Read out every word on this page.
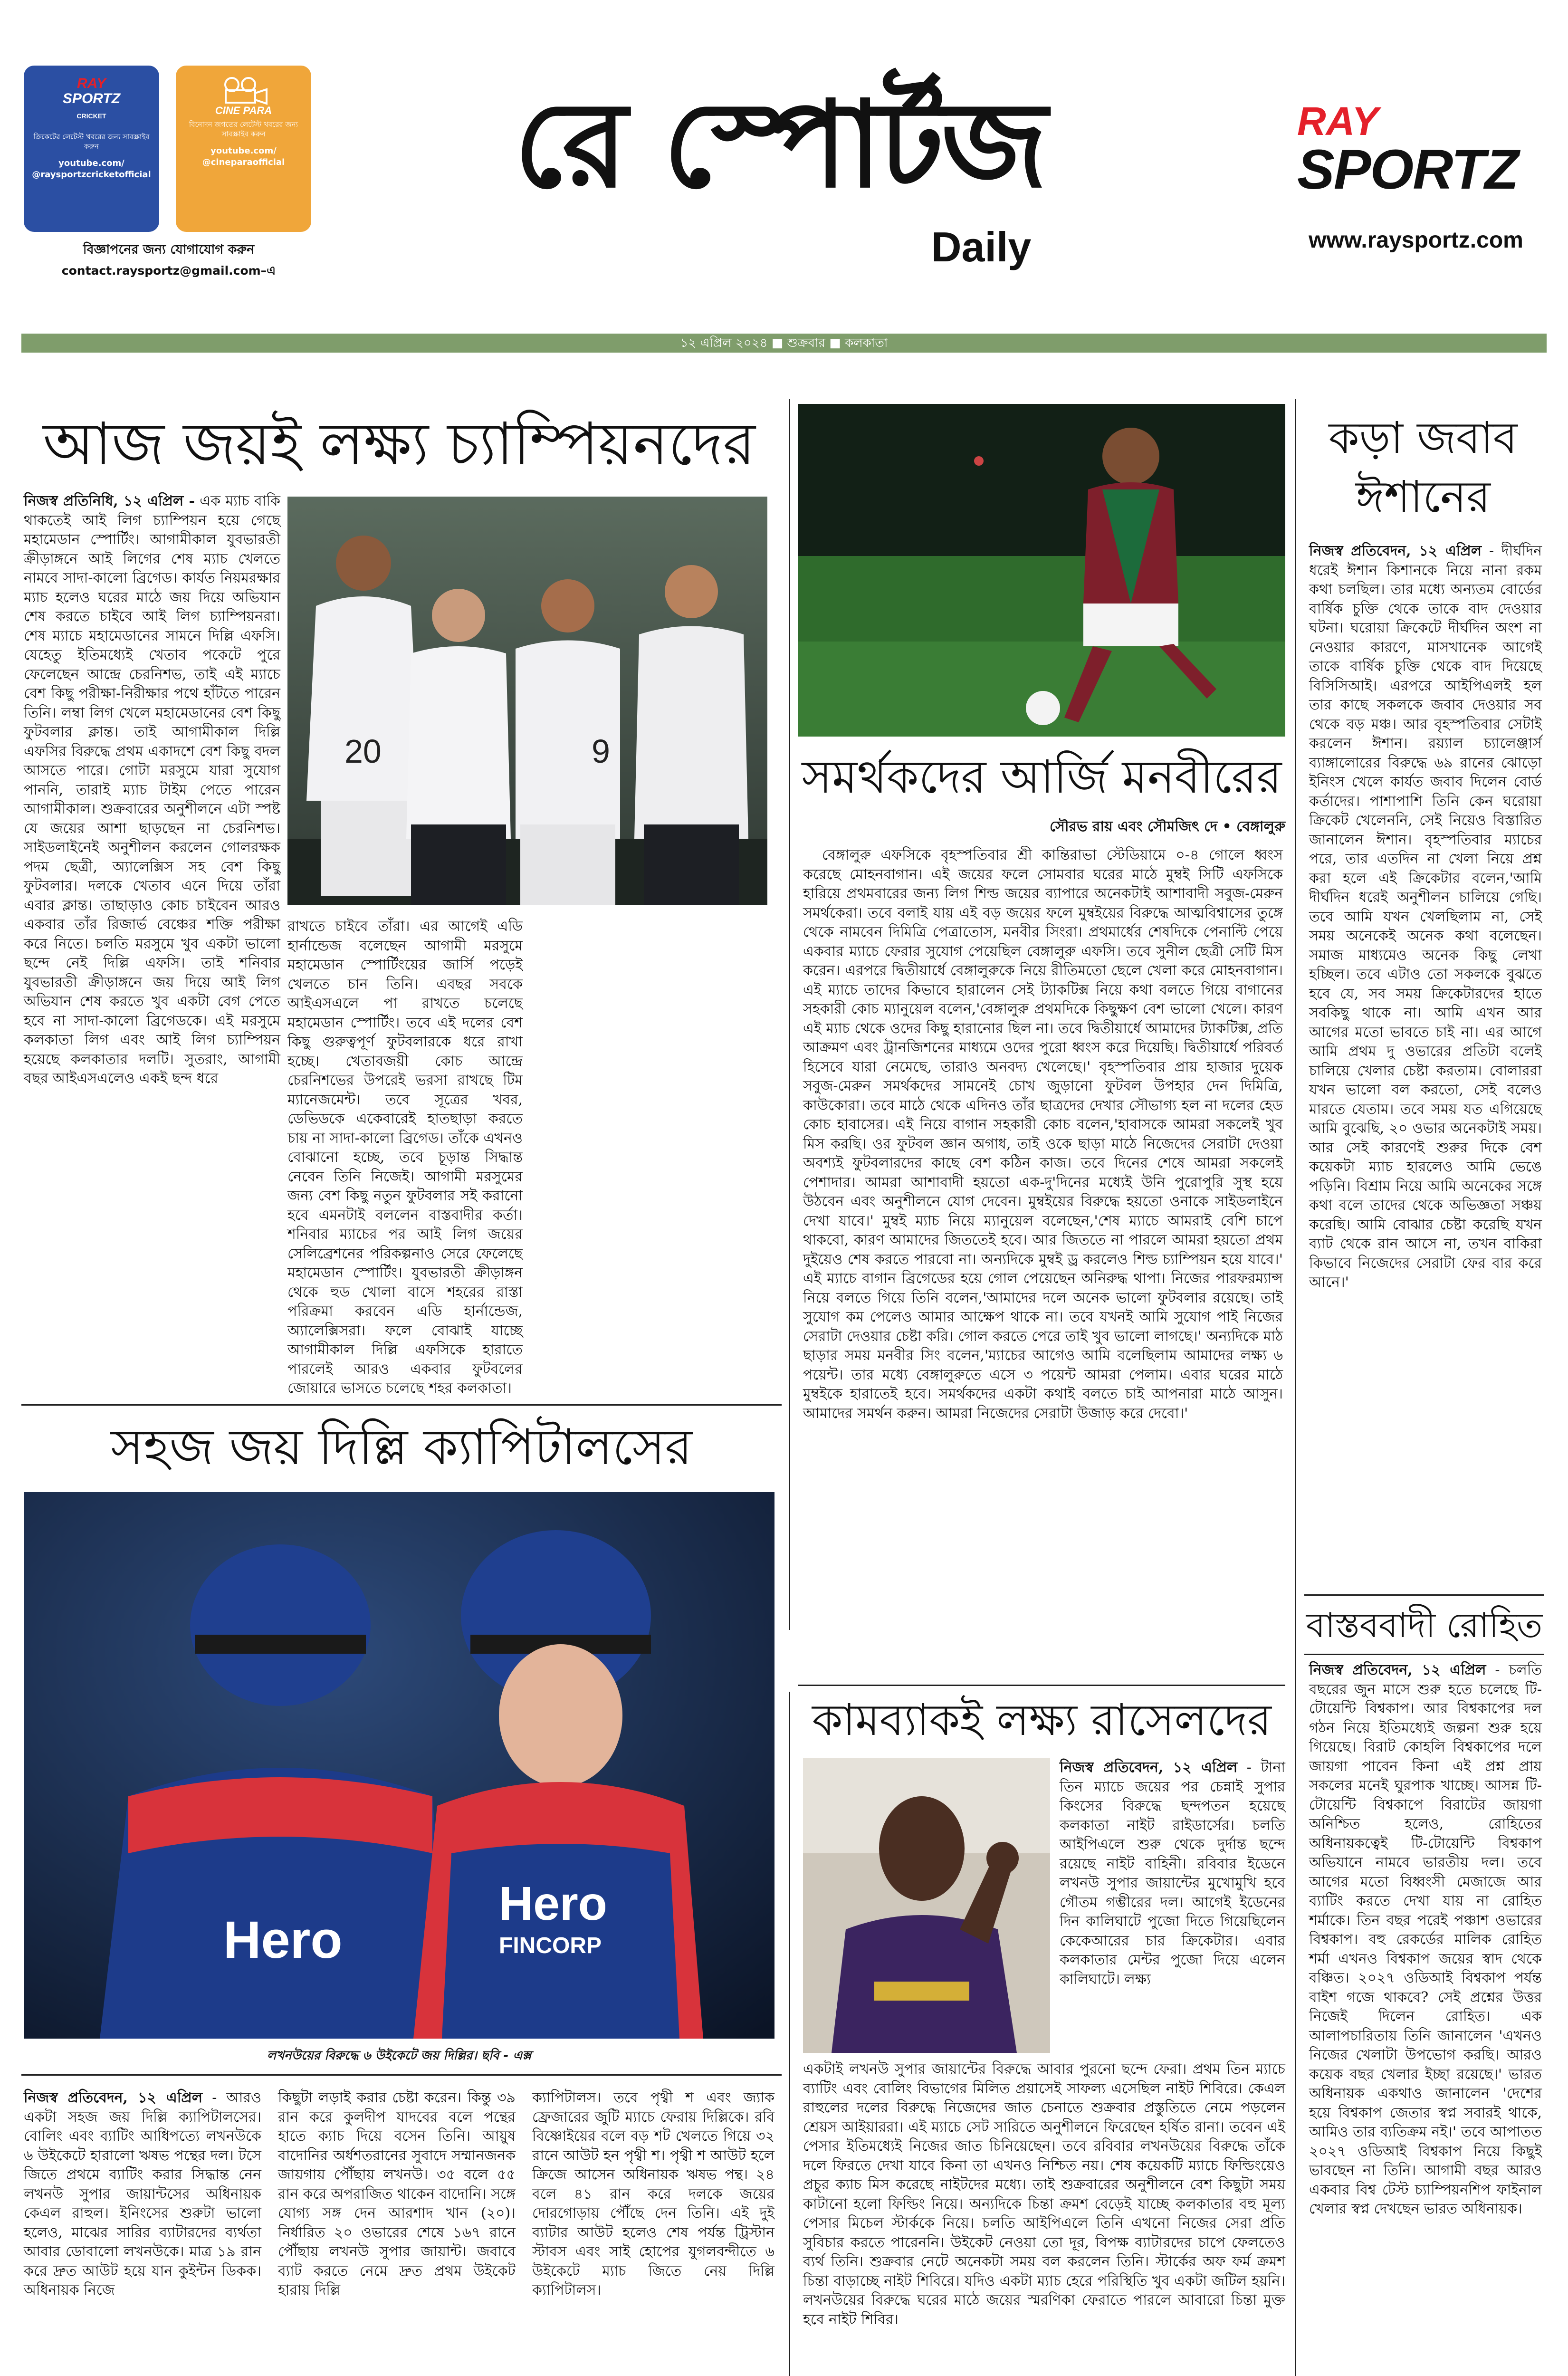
RAY
SPORTZ
CRICKET
ক্রিকেটের লেটেস্ট খবরের জন্য সাবস্ক্রাইব করুন
youtube.com/ @raysportzcricketofficial
CINE PARA
বিনোদন জগতের লেটেস্ট খবরের জন্য সাবস্ক্রাইব করুন
youtube.com/ @cineparaofficial
বিজ্ঞাপনের জন্য যোগাযোগ করুন
contact.raysportz@gmail.com–এ
রে স্পোর্টজ
Daily
RAY
SPORTZ
www.raysportz.com
১২ এপ্রিল ২০২৪ ■ শুক্রবার ■ কলকাতা
আজ জয়ই লক্ষ্য চ্যাম্পিয়নদের

নিজস্ব প্রতিনিধি, ১২ এপ্রিল - এক ম্যাচ বাকি থাকতেই আই লিগ চ্যাম্পিয়ন হয়ে গেছে মহামেডান স্পোর্টিং। আগামীকাল যুবভারতী ক্রীড়াঙ্গনে আই লিগের শেষ ম্যাচ খেলতে নামবে সাদা-কালো ব্রিগেড। কার্যত নিয়মরক্ষার ম্যাচ হলেও ঘরের মাঠে জয় দিয়ে অভিযান শেষ করতে চাইবে আই লিগ চ্যাম্পিয়নরা। শেষ ম্যাচে মহামেডানের সামনে দিল্লি এফসি। যেহেতু ইতিমধ্যেই খেতাব পকেটে পুরে ফেলেছেন আন্দ্রে চেরনিশভ, তাই এই ম্যাচে বেশ কিছু পরীক্ষা-নিরীক্ষার পথে হাঁটতে পারেন তিনি। লম্বা লিগ খেলে মহামেডানের বেশ কিছু ফুটবলার ক্লান্ত। তাই আগামীকাল দিল্লি এফসির বিরুদ্ধে প্রথম একাদশে বেশ কিছু বদল আসতে পারে। গোটা মরসুমে যারা সুযোগ পাননি, তারাই ম্যাচ টাইম পেতে পারেন আগামীকাল। শুক্রবারের অনুশীলনে এটা স্পষ্ট যে জয়ের আশা ছাড়ছেন না চেরনিশভ। সাইডলাইনেই অনুশীলন করলেন গোলরক্ষক পদম ছেত্রী, অ্যালেক্সিস সহ বেশ কিছু ফুটবলার। দলকে খেতাব এনে দিয়ে তাঁরা এবার ক্লান্ত। তাছাড়াও কোচ চাইবেন আরও একবার তাঁর রিজার্ভ বেঞ্চের শক্তি পরীক্ষা করে নিতে। চলতি মরসুমে খুব একটা ভালো ছন্দে নেই দিল্লি এফসি। তাই শনিবার যুবভারতী ক্রীড়াঙ্গনে জয় দিয়ে আই লিগ অভিযান শেষ করতে খুব একটা বেগ পেতে হবে না সাদা-কালো ব্রিগেডকে। এই মরসুমে কলকাতা লিগ এবং আই লিগ চ্যাম্পিয়ন হয়েছে কলকাতার দলটি। সুতরাং, আগামী বছর আইএসএলেও একই ছন্দ ধরে

20	9

রাখতে চাইবে তাঁরা। এর আগেই এডি হার্নান্ডেজ বলেছেন আগামী মরসুমে মহামেডান স্পোর্টিংয়ের জার্সি পড়েই খেলতে চান তিনি। এবছর সবকে আইএসএলে পা রাখতে চলেছে মহামেডান স্পোর্টিং। তবে এই দলের বেশ কিছু গুরুত্বপূর্ণ ফুটবলারকে ধরে রাখা হচ্ছে। খেতাবজয়ী কোচ আন্দ্রে চেরনিশভের উপরেই ভরসা রাখছে টিম ম্যানেজমেন্ট। তবে সূত্রের খবর, ডেভিডকে একেবারেই হাতছাড়া করতে চায় না সাদা-কালো ব্রিগেড। তাঁকে এখনও বোঝানো হচ্ছে, তবে চূড়ান্ত সিদ্ধান্ত নেবেন তিনি নিজেই। আগামী মরসুমের জন্য বেশ কিছু নতুন ফুটবলার সই করানো হবে এমনটাই বললেন বাস্তবাদীর কর্তা। শনিবার ম্যাচের পর আই লিগ জয়ের সেলিব্রেশনের পরিকল্পনাও সেরে ফেলেছে মহামেডান স্পোর্টিং। যুবভারতী ক্রীড়াঙ্গন থেকে হুড খোলা বাসে শহরের রাস্তা পরিক্রমা করবেন এডি হার্নান্ডেজ, অ্যালেক্সিসরা। ফলে বোঝাই যাচ্ছে আগামীকাল দিল্লি এফসিকে হারাতে পারলেই আরও একবার ফুটবলের জোয়ারে ভাসতে চলেছে শহর কলকাতা।

সমর্থকদের আর্জি মনবীরের
সৌরভ রায় এবং সৌমজিৎ দে • বেঙ্গালুরু

বেঙ্গালুরু এফসিকে বৃহস্পতিবার শ্রী কান্তিরাভা স্টেডিয়ামে ০-৪ গোলে ধ্বংস করেছে মোহনবাগান। এই জয়ের ফলে সোমবার ঘরের মাঠে মুম্বই সিটি এফসিকে হারিয়ে প্রথমবারের জন্য লিগ শিল্ড জয়ের ব্যাপারে অনেকটাই আশাবাদী সবুজ-মেরুন সমর্থকেরা। তবে বলাই যায় এই বড় জয়ের ফলে মুম্বইয়ের বিরুদ্ধে আত্মবিশ্বাসের তুঙ্গে থেকে নামবেন দিমিত্রি পেত্রাতোস, মনবীর সিংরা। প্রথমার্ধের শেষদিকে পেনাল্টি পেয়ে একবার ম্যাচে ফেরার সুযোগ পেয়েছিল বেঙ্গালুরু এফসি। তবে সুনীল ছেত্রী সেটি মিস করেন। এরপরে দ্বিতীয়ার্ধে বেঙ্গালুরুকে নিয়ে রীতিমতো ছেলে খেলা করে মোহনবাগান। এই ম্যাচে তাদের কিভাবে হারালেন সেই ট্যাকটিক্স নিয়ে কথা বলতে গিয়ে বাগানের সহকারী কোচ ম্যানুয়েল বলেন,'বেঙ্গালুরু প্রথমদিকে কিছুক্ষণ বেশ ভালো খেলে। কারণ এই ম্যাচ থেকে ওদের কিছু হারানোর ছিল না। তবে দ্বিতীয়ার্ধে আমাদের ট্যাকটিক্স, প্রতি আক্রমণ এবং ট্রানজিশনের মাধ্যমে ওদের পুরো ধ্বংস করে দিয়েছি। দ্বিতীয়ার্ধে পরিবর্ত হিসেবে যারা নেমেছে, তারাও অনবদ্য খেলেছে।' বৃহস্পতিবার প্রায় হাজার দুয়েক সবুজ-মেরুন সমর্থকদের সামনেই চোখ জুড়ানো ফুটবল উপহার দেন দিমিত্রি, কাউকোরা। তবে মাঠে থেকে এদিনও তাঁর ছাত্রদের দেখার সৌভাগ্য হল না দলের হেড কোচ হাবাসের। এই নিয়ে বাগান সহকারী কোচ বলেন,'হাবাসকে আমরা সকলেই খুব মিস করছি। ওর ফুটবল জ্ঞান অগাধ, তাই ওকে ছাড়া মাঠে নিজেদের সেরাটা দেওয়া অবশ্যই ফুটবলারদের কাছে বেশ কঠিন কাজ। তবে দিনের শেষে আমরা সকলেই পেশাদার। আমরা আশাবাদী হয়তো এক-দু'দিনের মধ্যেই উনি পুরোপুরি সুস্থ হয়ে উঠবেন এবং অনুশীলনে যোগ দেবেন। মুম্বইয়ের বিরুদ্ধে হয়তো ওনাকে সাইডলাইনে দেখা যাবে।' মুম্বই ম্যাচ নিয়ে ম্যানুয়েল বলেছেন,'শেষ ম্যাচে আমরাই বেশি চাপে থাকবো, কারণ আমাদের জিততেই হবে। আর জিততে না পারলে আমরা হয়তো প্রথম দুইয়েও শেষ করতে পারবো না। অন্যদিকে মুম্বই ড্র করলেও শিল্ড চ্যাম্পিয়ন হয়ে যাবে।' এই ম্যাচে বাগান ব্রিগেডের হয়ে গোল পেয়েছেন অনিরুদ্ধ থাপা। নিজের পারফরম্যান্স নিয়ে বলতে গিয়ে তিনি বলেন,'আমাদের দলে অনেক ভালো ফুটবলার রয়েছে। তাই সুযোগ কম পেলেও আমার আক্ষেপ থাকে না। তবে যখনই আমি সুযোগ পাই নিজের সেরাটা দেওয়ার চেষ্টা করি। গোল করতে পেরে তাই খুব ভালো লাগছে।' অন্যদিকে মাঠ ছাড়ার সময় মনবীর সিং বলেন,'ম্যাচের আগেও আমি বলেছিলাম আমাদের লক্ষ্য ৬ পয়েন্ট। তার মধ্যে বেঙ্গালুরুতে এসে ৩ পয়েন্ট আমরা পেলাম। এবার ঘরের মাঠে মুম্বইকে হারাতেই হবে। সমর্থকদের একটা কথাই বলতে চাই আপনারা মাঠে আসুন। আমাদের সমর্থন করুন। আমরা নিজেদের সেরাটা উজাড় করে দেবো।'

কড়া জবাব
ঈশানের

নিজস্ব প্রতিবেদন, ১২ এপ্রিল - দীর্ঘদিন ধরেই ঈশান কিশানকে নিয়ে নানা রকম কথা চলছিল। তার মধ্যে অন্যতম বোর্ডের বার্ষিক চুক্তি থেকে তাকে বাদ দেওয়ার ঘটনা। ঘরোয়া ক্রিকেটে দীর্ঘদিন অংশ না নেওয়ার কারণে, মাসখানেক আগেই তাকে বার্ষিক চুক্তি থেকে বাদ দিয়েছে বিসিসিআই। এরপরে আইপিএলই হল তার কাছে সকলকে জবাব দেওয়ার সব থেকে বড় মঞ্চ। আর বৃহস্পতিবার সেটাই করলেন ঈশান। রয়্যাল চ্যালেঞ্জার্স ব্যাঙ্গালোরের বিরুদ্ধে ৬৯ রানের ঝোড়ো ইনিংস খেলে কার্যত জবাব দিলেন বোর্ড কর্তাদের। পাশাপাশি তিনি কেন ঘরোয়া ক্রিকেট খেলেননি, সেই নিয়েও বিস্তারিত জানালেন ঈশান। বৃহস্পতিবার ম্যাচের পরে, তার এতদিন না খেলা নিয়ে প্রশ্ন করা হলে এই ক্রিকেটার বলেন,'আমি দীর্ঘদিন ধরেই অনুশীলন চালিয়ে গেছি। তবে আমি যখন খেলছিলাম না, সেই সময় অনেকেই অনেক কথা বলেছেন। সমাজ মাধ্যমেও অনেক কিছু লেখা হচ্ছিল। তবে এটাও তো সকলকে বুঝতে হবে যে, সব সময় ক্রিকেটারদের হাতে সবকিছু থাকে না। আমি এখন আর আগের মতো ভাবতে চাই না। এর আগে আমি প্রথম দু ওভারের প্রতিটা বলেই চালিয়ে খেলার চেষ্টা করতাম। বোলাররা যখন ভালো বল করতো, সেই বলেও মারতে যেতাম। তবে সময় যত এগিয়েছে আমি বুঝেছি, ২০ ওভার অনেকটাই সময়। আর সেই কারণেই শুরুর দিকে বেশ কয়েকটা ম্যাচ হারলেও আমি ভেঙে পড়িনি। বিশ্রাম নিয়ে আমি অনেকের সঙ্গে কথা বলে তাদের থেকে অভিজ্ঞতা সঞ্চয় করেছি। আমি বোঝার চেষ্টা করেছি যখন ব্যাট থেকে রান আসে না, তখন বাকিরা কিভাবে নিজেদের সেরাটা ফের বার করে আনে।'

বাস্তববাদী রোহিত

নিজস্ব প্রতিবেদন, ১২ এপ্রিল - চলতি বছরের জুন মাসে শুরু হতে চলেছে টি-টোয়েন্টি বিশ্বকাপ। আর বিশ্বকাপের দল গঠন নিয়ে ইতিমধ্যেই জল্পনা শুরু হয়ে গিয়েছে। বিরাট কোহলি বিশ্বকাপের দলে জায়গা পাবেন কিনা এই প্রশ্ন প্রায় সকলের মনেই ঘুরপাক খাচ্ছে। আসন্ন টি-টোয়েন্টি বিশ্বকাপে বিরাটের জায়গা অনিশ্চিত হলেও, রোহিতের অধিনায়কত্বেই টি-টোয়েন্টি বিশ্বকাপ অভিযানে নামবে ভারতীয় দল। তবে আগের মতো বিধ্বংসী মেজাজে আর ব্যাটিং করতে দেখা যায় না রোহিত শর্মাকে। তিন বছর পরেই পঞ্চাশ ওভারের বিশ্বকাপ। বহু রেকর্ডের মালিক রোহিত শর্মা এখনও বিশ্বকাপ জয়ের স্বাদ থেকে বঞ্চিত। ২০২৭ ওডিআই বিশ্বকাপ পর্যন্ত বাইশ গজে থাকবে? সেই প্রশ্নের উত্তর নিজেই দিলেন রোহিত। এক আলাপচারিতায় তিনি জানালেন 'এখনও নিজের খেলাটা উপভোগ করছি। আরও কয়েক বছর খেলার ইচ্ছা রয়েছে।' ভারত অধিনায়ক একথাও জানালেন 'দেশের হয়ে বিশ্বকাপ জেতার স্বপ্ন সবারই থাকে, আমিও তার ব্যতিক্রম নই।' তবে আপাতত ২০২৭ ওডিআই বিশ্বকাপ নিয়ে কিছুই ভাবছেন না তিনি। আগামী বছর আরও একবার বিশ্ব টেস্ট চ্যাম্পিয়নশিপ ফাইনাল খেলার স্বপ্ন দেখছেন ভারত অধিনায়ক।

সহজ জয় দিল্লি ক্যাপিটালসের
Hero
Hero
FINCORP
লখনউয়ের বিরুদ্ধে ৬ উইকেটে জয় দিল্লির। ছবি - এক্স

নিজস্ব প্রতিবেদন, ১২ এপ্রিল - আরও একটা সহজ জয় দিল্লি ক্যাপিটালসের। বোলিং এবং ব্যাটিং আধিপত্যে লখনউকে ৬ উইকেটে হারালো ঋষভ পন্থের দল। টসে জিতে প্রথমে ব্যাটিং করার সিদ্ধান্ত নেন লখনউ সুপার জায়ান্টসের অধিনায়ক কেএল রাহুল। ইনিংসের শুরুটা ভালো হলেও, মাঝের সারির ব্যাটারদের ব্যর্থতা আবার ডোবালো লখনউকে। মাত্র ১৯ রান করে দ্রুত আউট হয়ে যান কুইন্টন ডিকক। অধিনায়ক নিজে

কিছুটা লড়াই করার চেষ্টা করেন। কিন্তু ৩৯ রান করে কুলদীপ যাদবের বলে পন্থের হাতে ক্যাচ দিয়ে বসেন তিনি। আয়ুষ বাদোনির অর্ধশতরানের সুবাদে সম্মানজনক জায়গায় পৌঁছায় লখনউ। ৩৫ বলে ৫৫ রান করে অপরাজিত থাকেন বাদোনি। সঙ্গে যোগ্য সঙ্গ দেন আরশাদ খান (২০)। নির্ধারিত ২০ ওভারের শেষে ১৬৭ রানে পৌঁছায় লখনউ সুপার জায়ান্ট। জবাবে ব্যাট করতে নেমে দ্রুত প্রথম উইকেট হারায় দিল্লি

ক্যাপিটালস। তবে পৃথ্বী শ এবং জ্যাক ফ্রেজারের জুটি ম্যাচে ফেরায় দিল্লিকে। রবি বিষ্ণোইয়ের বলে বড় শট খেলতে গিয়ে ৩২ রানে আউট হন পৃথ্বী শ। পৃথ্বী শ আউট হলে ক্রিজে আসেন অধিনায়ক ঋষভ পন্থ। ২৪ বলে ৪১ রান করে দলকে জয়ের দোরগোড়ায় পৌঁছে দেন তিনি। এই দুই ব্যাটার আউট হলেও শেষ পর্যন্ত ট্রিস্টান স্টাবস এবং সাই হোপের যুগলবন্দীতে ৬ উইকেটে ম্যাচ জিতে নেয় দিল্লি ক্যাপিটালস।

কামব্যাকই লক্ষ্য রাসেলদের

নিজস্ব প্রতিবেদন, ১২ এপ্রিল - টানা তিন ম্যাচে জয়ের পর চেন্নাই সুপার কিংসের বিরুদ্ধে ছন্দপতন হয়েছে কলকাতা নাইট রাইডার্সের। চলতি আইপিএলে শুরু থেকে দুর্দান্ত ছন্দে রয়েছে নাইট বাহিনী। রবিবার ইডেনে লখনউ সুপার জায়ান্টের মুখোমুখি হবে গৌতম গম্ভীরের দল। আগেই ইডেনের দিন কালিঘাটে পুজো দিতে গিয়েছিলেন কেকেআরের চার ক্রিকেটার। এবার কলকাতার মেন্টর পুজো দিয়ে এলেন কালিঘাটে। লক্ষ্য

একটাই লখনউ সুপার জায়ান্টের বিরুদ্ধে আবার পুরনো ছন্দে ফেরা। প্রথম তিন ম্যাচে ব্যাটিং এবং বোলিং বিভাগের মিলিত প্রয়াসেই সাফল্য এসেছিল নাইট শিবিরে। কেএল রাহুলের দলের বিরুদ্ধে নিজেদের জাত চেনাতে শুক্রবার প্রস্তুতিতে নেমে পড়লেন শ্রেয়স আইয়াররা। এই ম্যাচে সেট সারিতে অনুশীলনে ফিরেছেন হর্ষিত রানা। তবেন এই পেসার ইতিমধ্যেই নিজের জাত চিনিয়েছেন। তবে রবিবার লখনউয়ের বিরুদ্ধে তাঁকে দলে ফিরতে দেখা যাবে কিনা তা এখনও নিশ্চিত নয়। শেষ কয়েকটি ম্যাচে ফিল্ডিংয়েও প্রচুর ক্যাচ মিস করেছে নাইটদের মধ্যে। তাই শুক্রবারের অনুশীলনে বেশ কিছুটা সময় কাটানো হলো ফিল্ডিং নিয়ে। অন্যদিকে চিন্তা ক্রমশ বেড়েই যাচ্ছে কলকাতার বহু মূল্য পেসার মিচেল স্টার্ককে নিয়ে। চলতি আইপিএলে তিনি এখনো নিজের সেরা প্রতি সুবিচার করতে পারেননি। উইকেট নেওয়া তো দূর, বিপক্ষ ব্যাটারদের চাপে ফেলতেও ব্যর্থ তিনি। শুক্রবার নেটে অনেকটা সময় বল করলেন তিনি। স্টার্কের অফ ফর্ম ক্রমশ চিন্তা বাড়াচ্ছে নাইট শিবিরে। যদিও একটা ম্যাচ হেরে পরিস্থিতি খুব একটা জটিল হয়নি। লখনউয়ের বিরুদ্ধে ঘরের মাঠে জয়ের স্মরণিকা ফেরাতে পারলে আবারো চিন্তা মুক্ত হবে নাইট শিবির।
